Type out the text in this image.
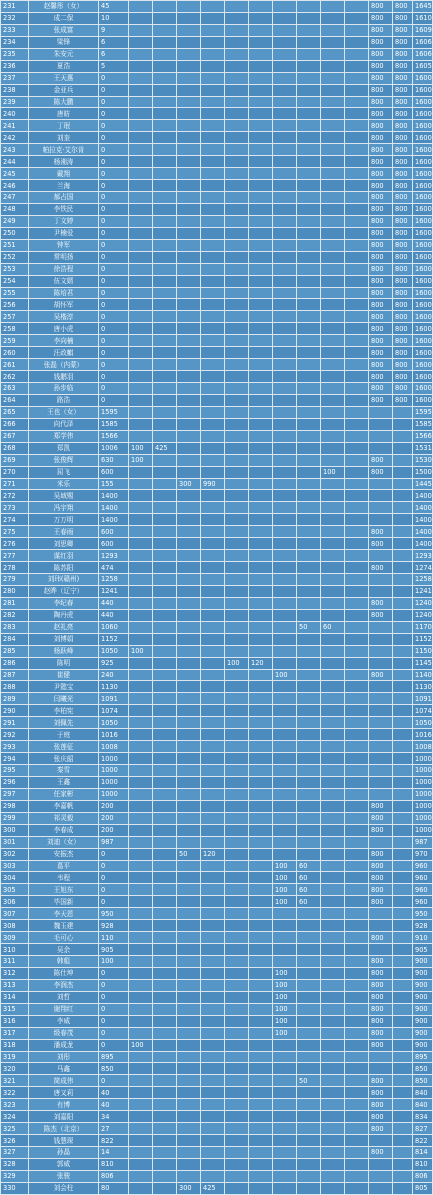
231	赵馨彤（女）	45											800	800	1645
232	成二保	10											800	800	1610
233	张成富	9											800	800	1609
234	梁锋	6											800	800	1606
235	朱安元	6											800	800	1606
236	夏浩	5											800	800	1605
237	王天惠	0											800	800	1600
238	金亚兵	0											800	800	1600
239	陈大鹏	0											800	800	1600
240	唐昉	0											800	800	1600
241	丁珉	0											800	800	1600
242	刘奎	0											800	800	1600
243	帕拉克·艾尔肯	0											800	800	1600
244	杨湘涛	0											800	800	1600
245	戴翔	0											800	800	1600
246	兰海	0											800	800	1600
247	郝占国	0											800	800	1600
248	李铁民	0											800	800	1600
249	丁文婷	0											800	800	1600
250	尹楠爱	0											800	800	1600
251	钟军	0											800	800	1600
252	常明扬	0											800	800	1600
253	徐浩程	0											800	800	1600
254	伍文婿	0											800	800	1600
255	陈培君	0											800	800	1600
256	胡怀军	0											800	800	1600
257	吴楷淳	0											800	800	1600
258	唐小虎	0											800	800	1600
259	李向楠	0											800	800	1600
260	汪政麒	0											800	800	1600
261	张磊（内蒙）	0											800	800	1600
262	钱鹏羽	0											800	800	1600
263	孙步临	0											800	800	1600
264	路浩	0											800	800	1600
265	王也（女）	1595													1595
266	向代泽	1585													1585
267	郑学伟	1566													1566
268	郑凯	1006	100	425											1531
269	张俊辉	630	100										800		1530
270	屈飞	600									100		800		1500
271	米乐	155			300	990									1445
272	吴域赐	1400													1400
273	冯宇翔	1400													1400
274	万万明	1400													1400
275	王春雨	600											800		1400
276	刘思卿	600											800		1400
277	谋红羽	1293													1293
278	陈苏阳	474											800		1274
279	刘玮(赣州)	1258													1258
280	赵晔（辽宁）	1241													1241
281	李纪春	440											800		1240
282	陶丹虎	440											800		1240
283	赵礼亮	1060								50	60				1170
284	刘博娟	1152													1152
285	杨跃峰	1050	100												1150
286	陈明	925					100	120							1145
287	崔健	240							100				800		1140
288	尹懿宝	1130													1130
289	闫曦光	1091													1091
290	李柏宪	1074													1074
291	刘佩先	1050													1050
292	于庭	1016													1016
293	张莲征	1008													1008
294	张庆韶	1000													1000
295	秦雪	1000													1000
296	王鑫	1000													1000
297	任家彬	1000													1000
298	李嘉帆	200											800		1000
299	祁灵毅	200											800		1000
300	李春成	200											800		1000
301	刘迪（女）	987													987
302	安振杰	0			50	120							800		970
303	葛平	0							100	60			800		960
304	韦程	0							100	60			800		960
305	王旭东	0							100	60			800		960
306	毕国新	0							100	60			800		960
307	李天恩	950													950
308	魏玉建	928													928
309	毛可心	110											800		910
310	吴余	905													905
311	韩彪	100											800		900
312	陈仕坤	0							100				800		900
313	李润杰	0							100				800		900
314	刘哲	0							100				800		900
315	谢翔红	0							100				800		900
316	李威	0							100				800		900
317	级春茂	0							100				800		900
318	潘成龙	0	100										800		900
319	刘彤	895													895
320	马鑫	850													850
321	简成伟	0								50			800		850
322	唐又莉	40											800		840
323	有博	40											800		840
324	刘嘉阳	34											800		834
325	陈杰（北京）	27											800		827
326	钱慧琛	822													822
327	孙晶	14											800		814
328	郭威	810													810
329	张骏	806													806
330	刘会柱	80			300	425									805
